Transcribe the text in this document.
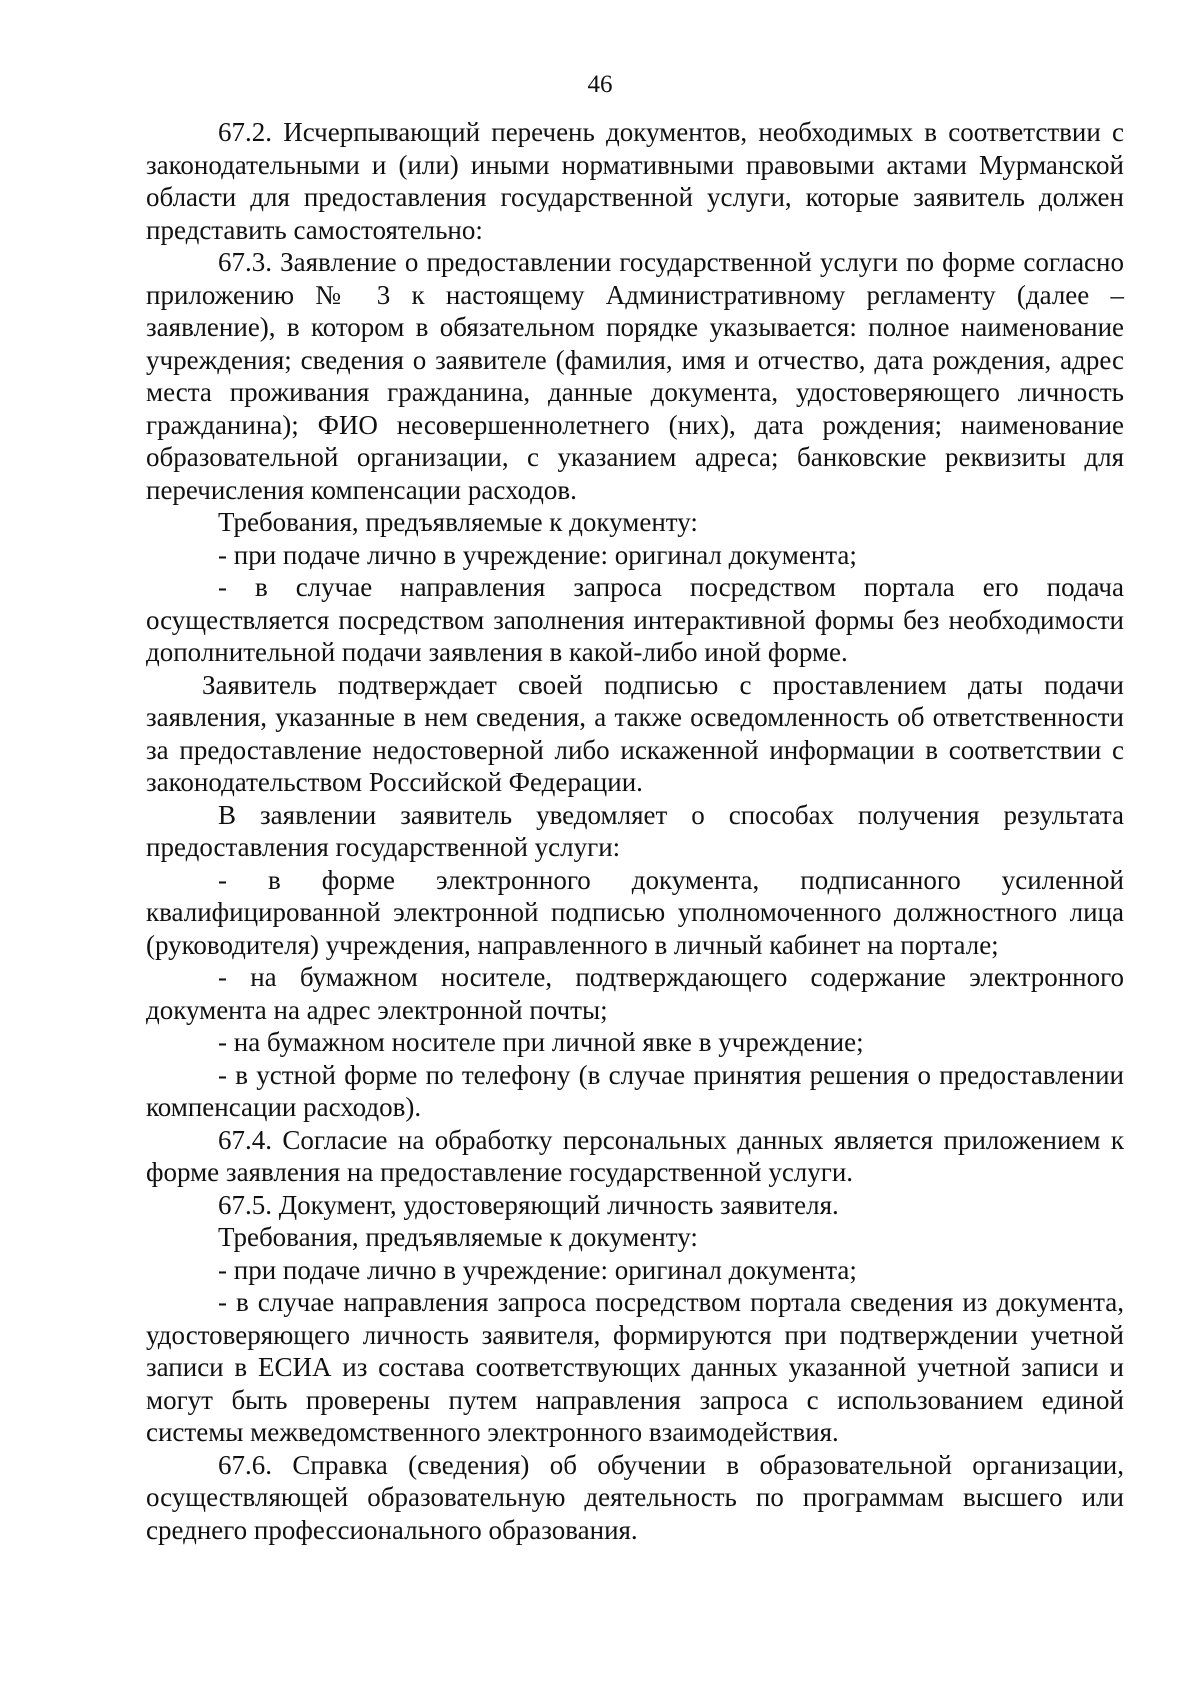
46

67.2. Исчерпывающий перечень документов, необходимых в соответствии с законодательными и (или) иными нормативными правовыми актами Мурманской области для предоставления государственной услуги, которые заявитель должен представить самостоятельно:

67.3. Заявление о предоставлении государственной услуги по форме согласно приложению № 3 к настоящему Административному регламенту (далее – заявление), в котором в обязательном порядке указывается: полное наименование учреждения; сведения о заявителе (фамилия, имя и отчество, дата рождения, адрес места проживания гражданина, данные документа, удостоверяющего личность гражданина); ФИО несовершеннолетнего (них), дата рождения; наименование образовательной организации, с указанием адреса; банковские реквизиты для перечисления компенсации расходов.

Требования, предъявляемые к документу:

- при подаче лично в учреждение: оригинал документа;

- в случае направления запроса посредством портала его подача осуществляется посредством заполнения интерактивной формы без необходимости дополнительной подачи заявления в какой-либо иной форме.

Заявитель подтверждает своей подписью с проставлением даты подачи заявления, указанные в нем сведения, а также осведомленность об ответственности за предоставление недостоверной либо искаженной информации в соответствии с законодательством Российской Федерации.

В заявлении заявитель уведомляет о способах получения результата предоставления государственной услуги:

- в форме электронного документа, подписанного усиленной квалифицированной электронной подписью уполномоченного должностного лица (руководителя) учреждения, направленного в личный кабинет на портале;

- на бумажном носителе, подтверждающего содержание электронного документа на адрес электронной почты;

- на бумажном носителе при личной явке в учреждение;

- в устной форме по телефону (в случае принятия решения о предоставлении компенсации расходов).

67.4. Согласие на обработку персональных данных является приложением к форме заявления на предоставление государственной услуги.

67.5. Документ, удостоверяющий личность заявителя.

Требования, предъявляемые к документу:

- при подаче лично в учреждение: оригинал документа;

- в случае направления запроса посредством портала сведения из документа, удостоверяющего личность заявителя, формируются при подтверждении учетной записи в ЕСИА из состава соответствующих данных указанной учетной записи и могут быть проверены путем направления запроса с использованием единой системы межведомственного электронного взаимодействия.

67.6. Справка (сведения) об обучении в образовательной организации, осуществляющей образовательную деятельность по программам высшего или среднего профессионального образования.
